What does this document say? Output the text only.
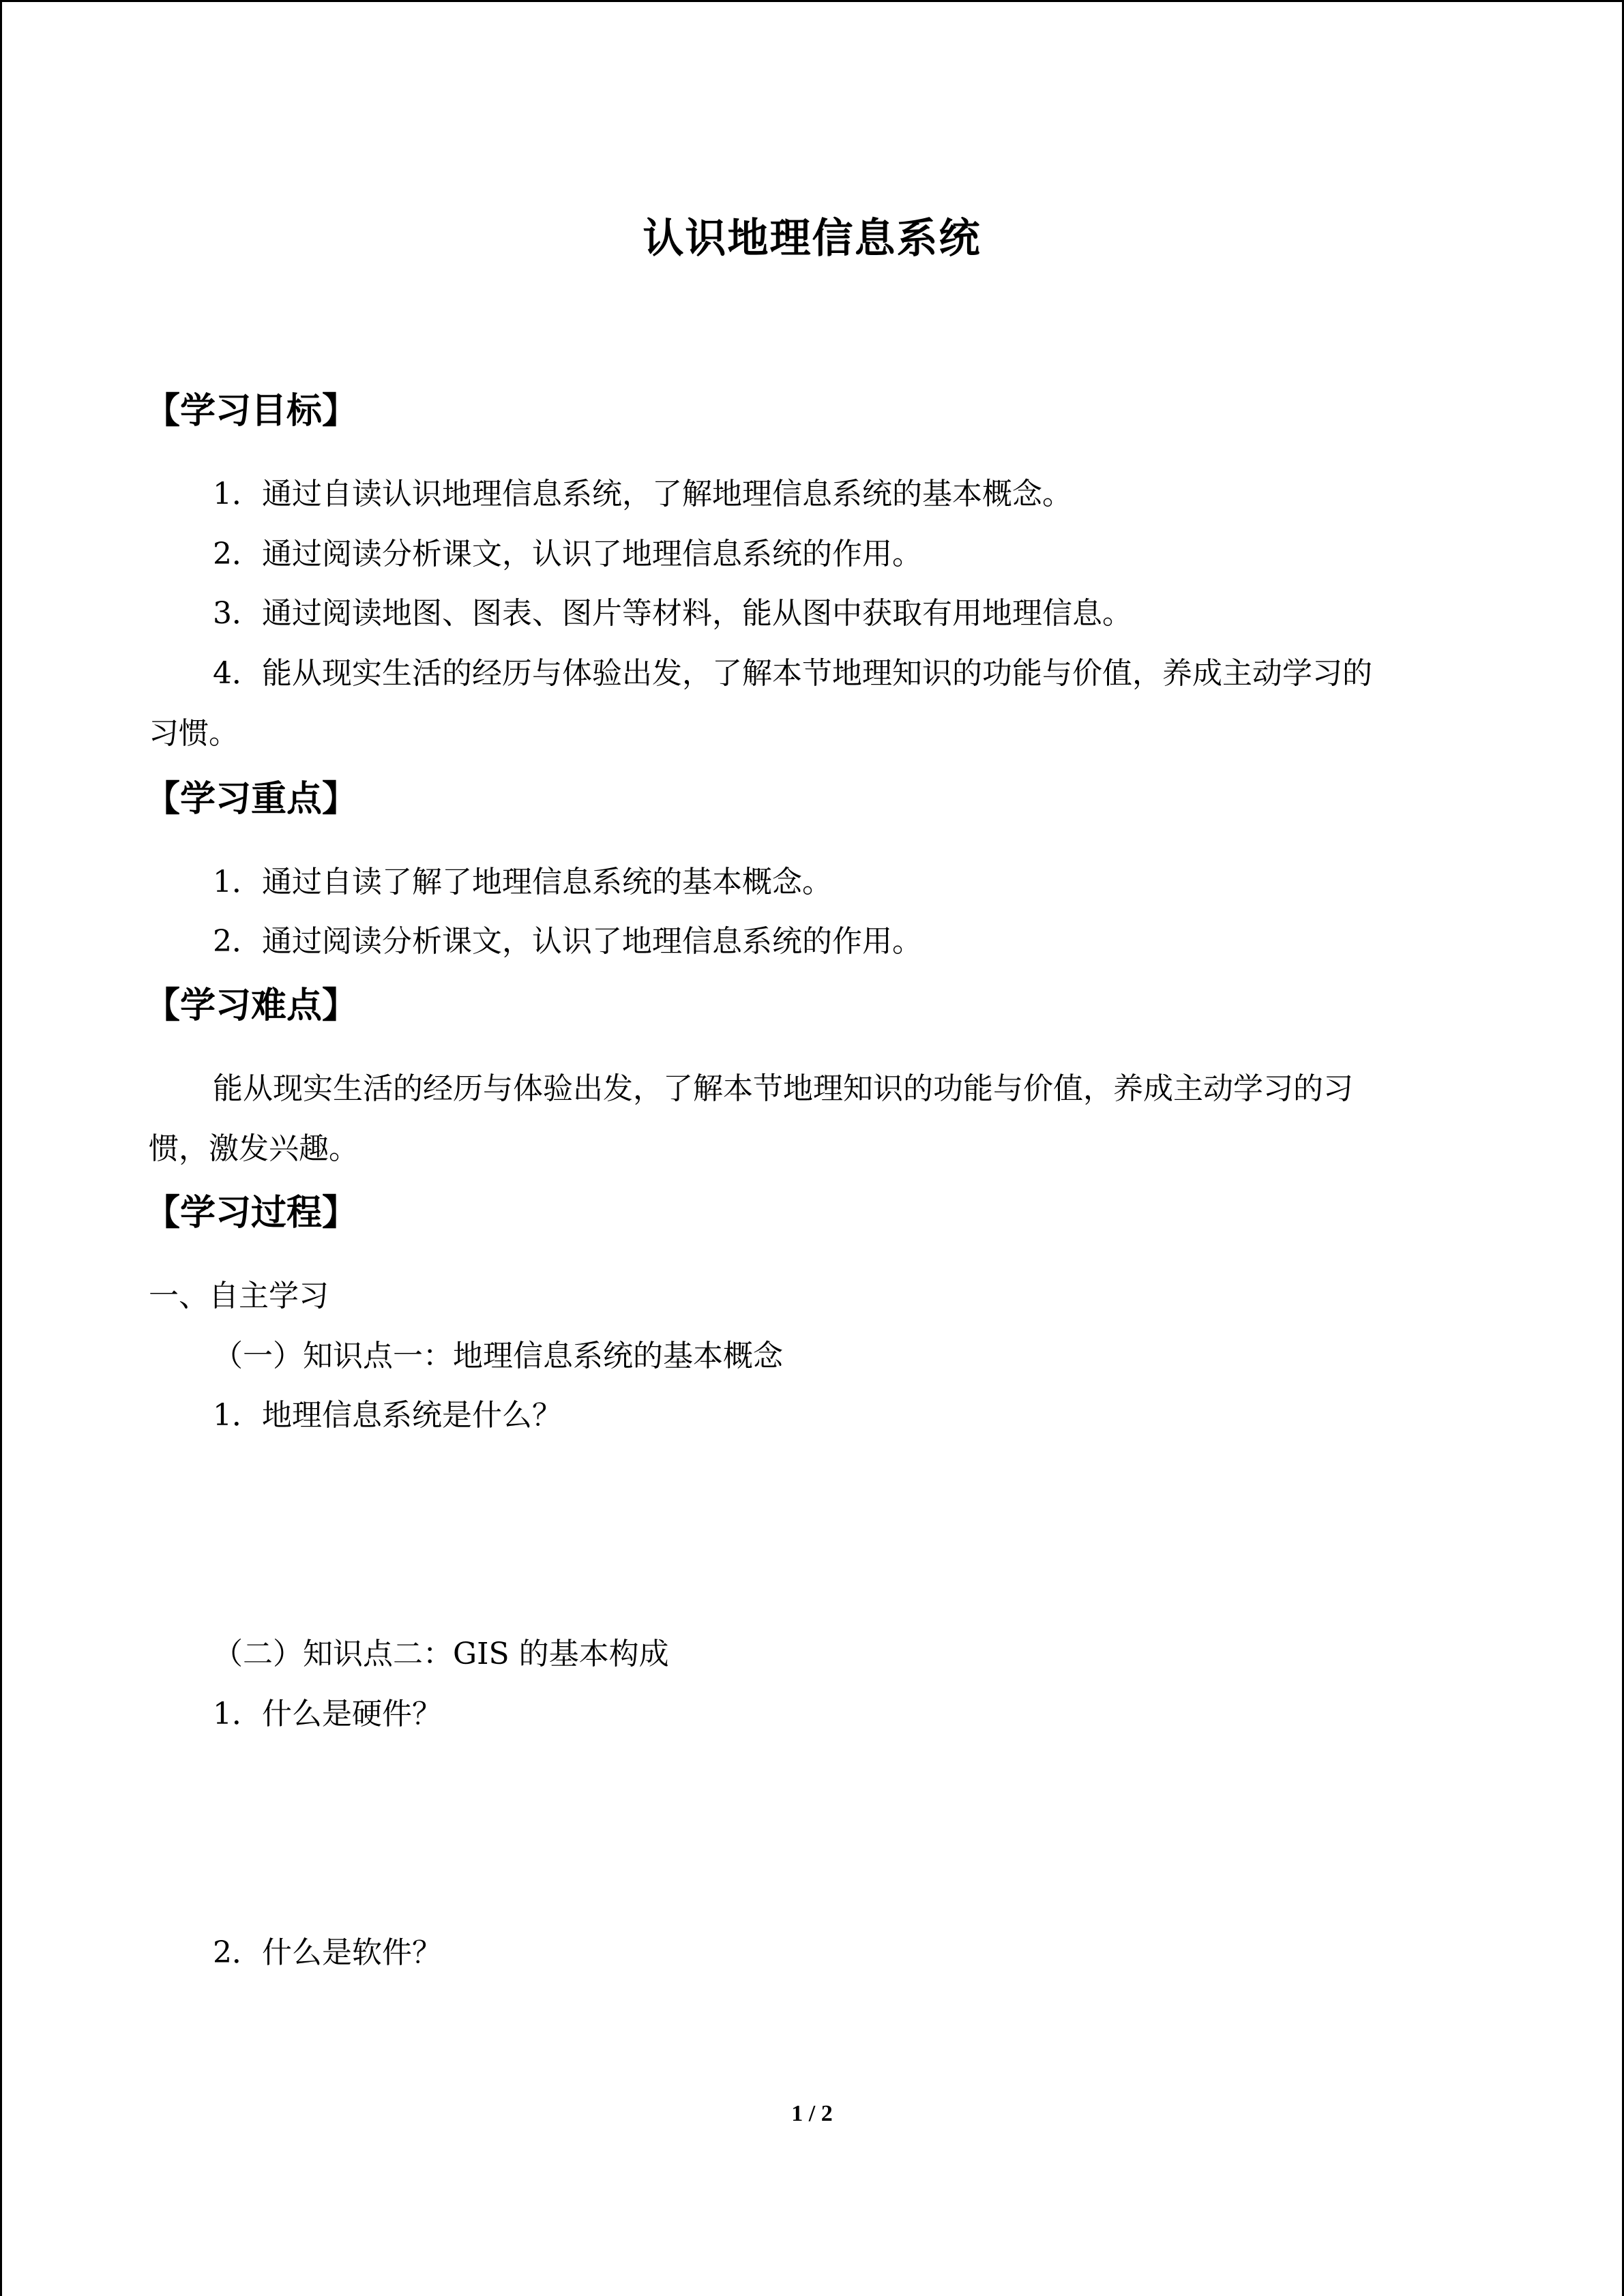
认识地理信息系统
【学习目标】
1．通过自读认识地理信息系统，了解地理信息系统的基本概念。
2．通过阅读分析课文，认识了地理信息系统的作用。
3．通过阅读地图、图表、图片等材料，能从图中获取有用地理信息。
4．能从现实生活的经历与体验出发，了解本节地理知识的功能与价值，养成主动学习的
习惯。
【学习重点】
1．通过自读了解了地理信息系统的基本概念。
2．通过阅读分析课文，认识了地理信息系统的作用。
【学习难点】
能从现实生活的经历与体验出发，了解本节地理知识的功能与价值，养成主动学习的习
惯，激发兴趣。
【学习过程】
一、自主学习
（一）知识点一：地理信息系统的基本概念
1．地理信息系统是什么？
（二）知识点二：GIS 的基本构成
1．什么是硬件？
2．什么是软件？
1 / 2
